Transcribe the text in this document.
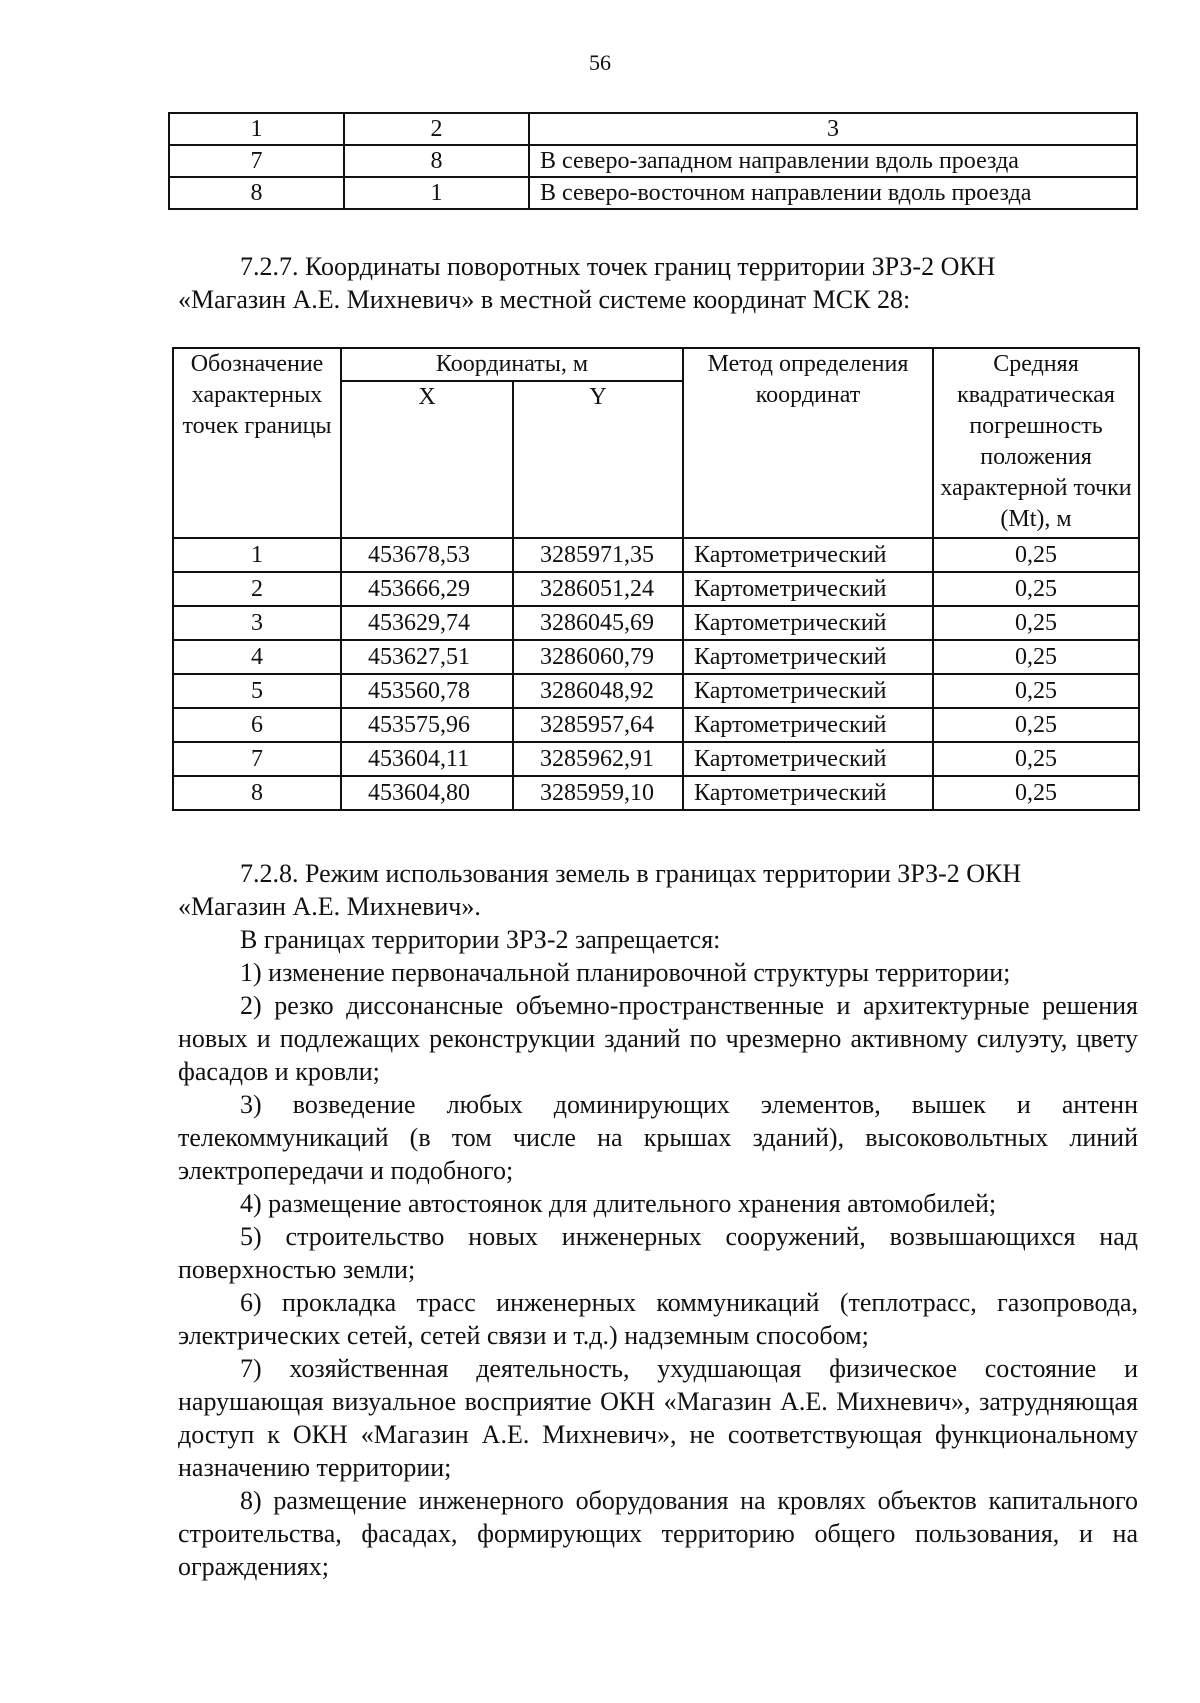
56
1	2	3
7	8	В северо-западном направлении вдоль проезда
8	1	В северо-восточном направлении вдоль проезда

7.2.7. Координаты поворотных точек границ территории ЗРЗ-2 ОКН

«Магазин А.Е. Михневич» в местной системе координат МСК 28:

Обозначение характерных точек границы	Координаты, м		Метод определения координат	Средняя квадратическая погрешность положения характерной точки (Mt), м
	X	Y		
1	453678,53	3285971,35	Картометрический	0,25
2	453666,29	3286051,24	Картометрический	0,25
3	453629,74	3286045,69	Картометрический	0,25
4	453627,51	3286060,79	Картометрический	0,25
5	453560,78	3286048,92	Картометрический	0,25
6	453575,96	3285957,64	Картометрический	0,25
7	453604,11	3285962,91	Картометрический	0,25
8	453604,80	3285959,10	Картометрический	0,25

7.2.8. Режим использования земель в границах территории ЗРЗ-2 ОКН

«Магазин А.Е. Михневич».

В границах территории ЗРЗ-2 запрещается:

1) изменение первоначальной планировочной структуры территории;

2) резко диссонансные объемно-пространственные и архитектурные решения новых и подлежащих реконструкции зданий по чрезмерно активному силуэту, цвету фасадов и кровли;

3) возведение любых доминирующих элементов, вышек и антенн телекоммуникаций (в том числе на крышах зданий), высоковольтных линий электропередачи и подобного;

4) размещение автостоянок для длительного хранения автомобилей;

5) строительство новых инженерных сооружений, возвышающихся над поверхностью земли;

6) прокладка трасс инженерных коммуникаций (теплотрасс, газопровода, электрических сетей, сетей связи и т.д.) надземным способом;

7) хозяйственная деятельность, ухудшающая физическое состояние и нарушающая визуальное восприятие ОКН «Магазин А.Е. Михневич», затрудняющая доступ к ОКН «Магазин А.Е. Михневич», не соответствующая функциональному назначению территории;

8) размещение инженерного оборудования на кровлях объектов капитального строительства, фасадах, формирующих территорию общего пользования, и на ограждениях;
